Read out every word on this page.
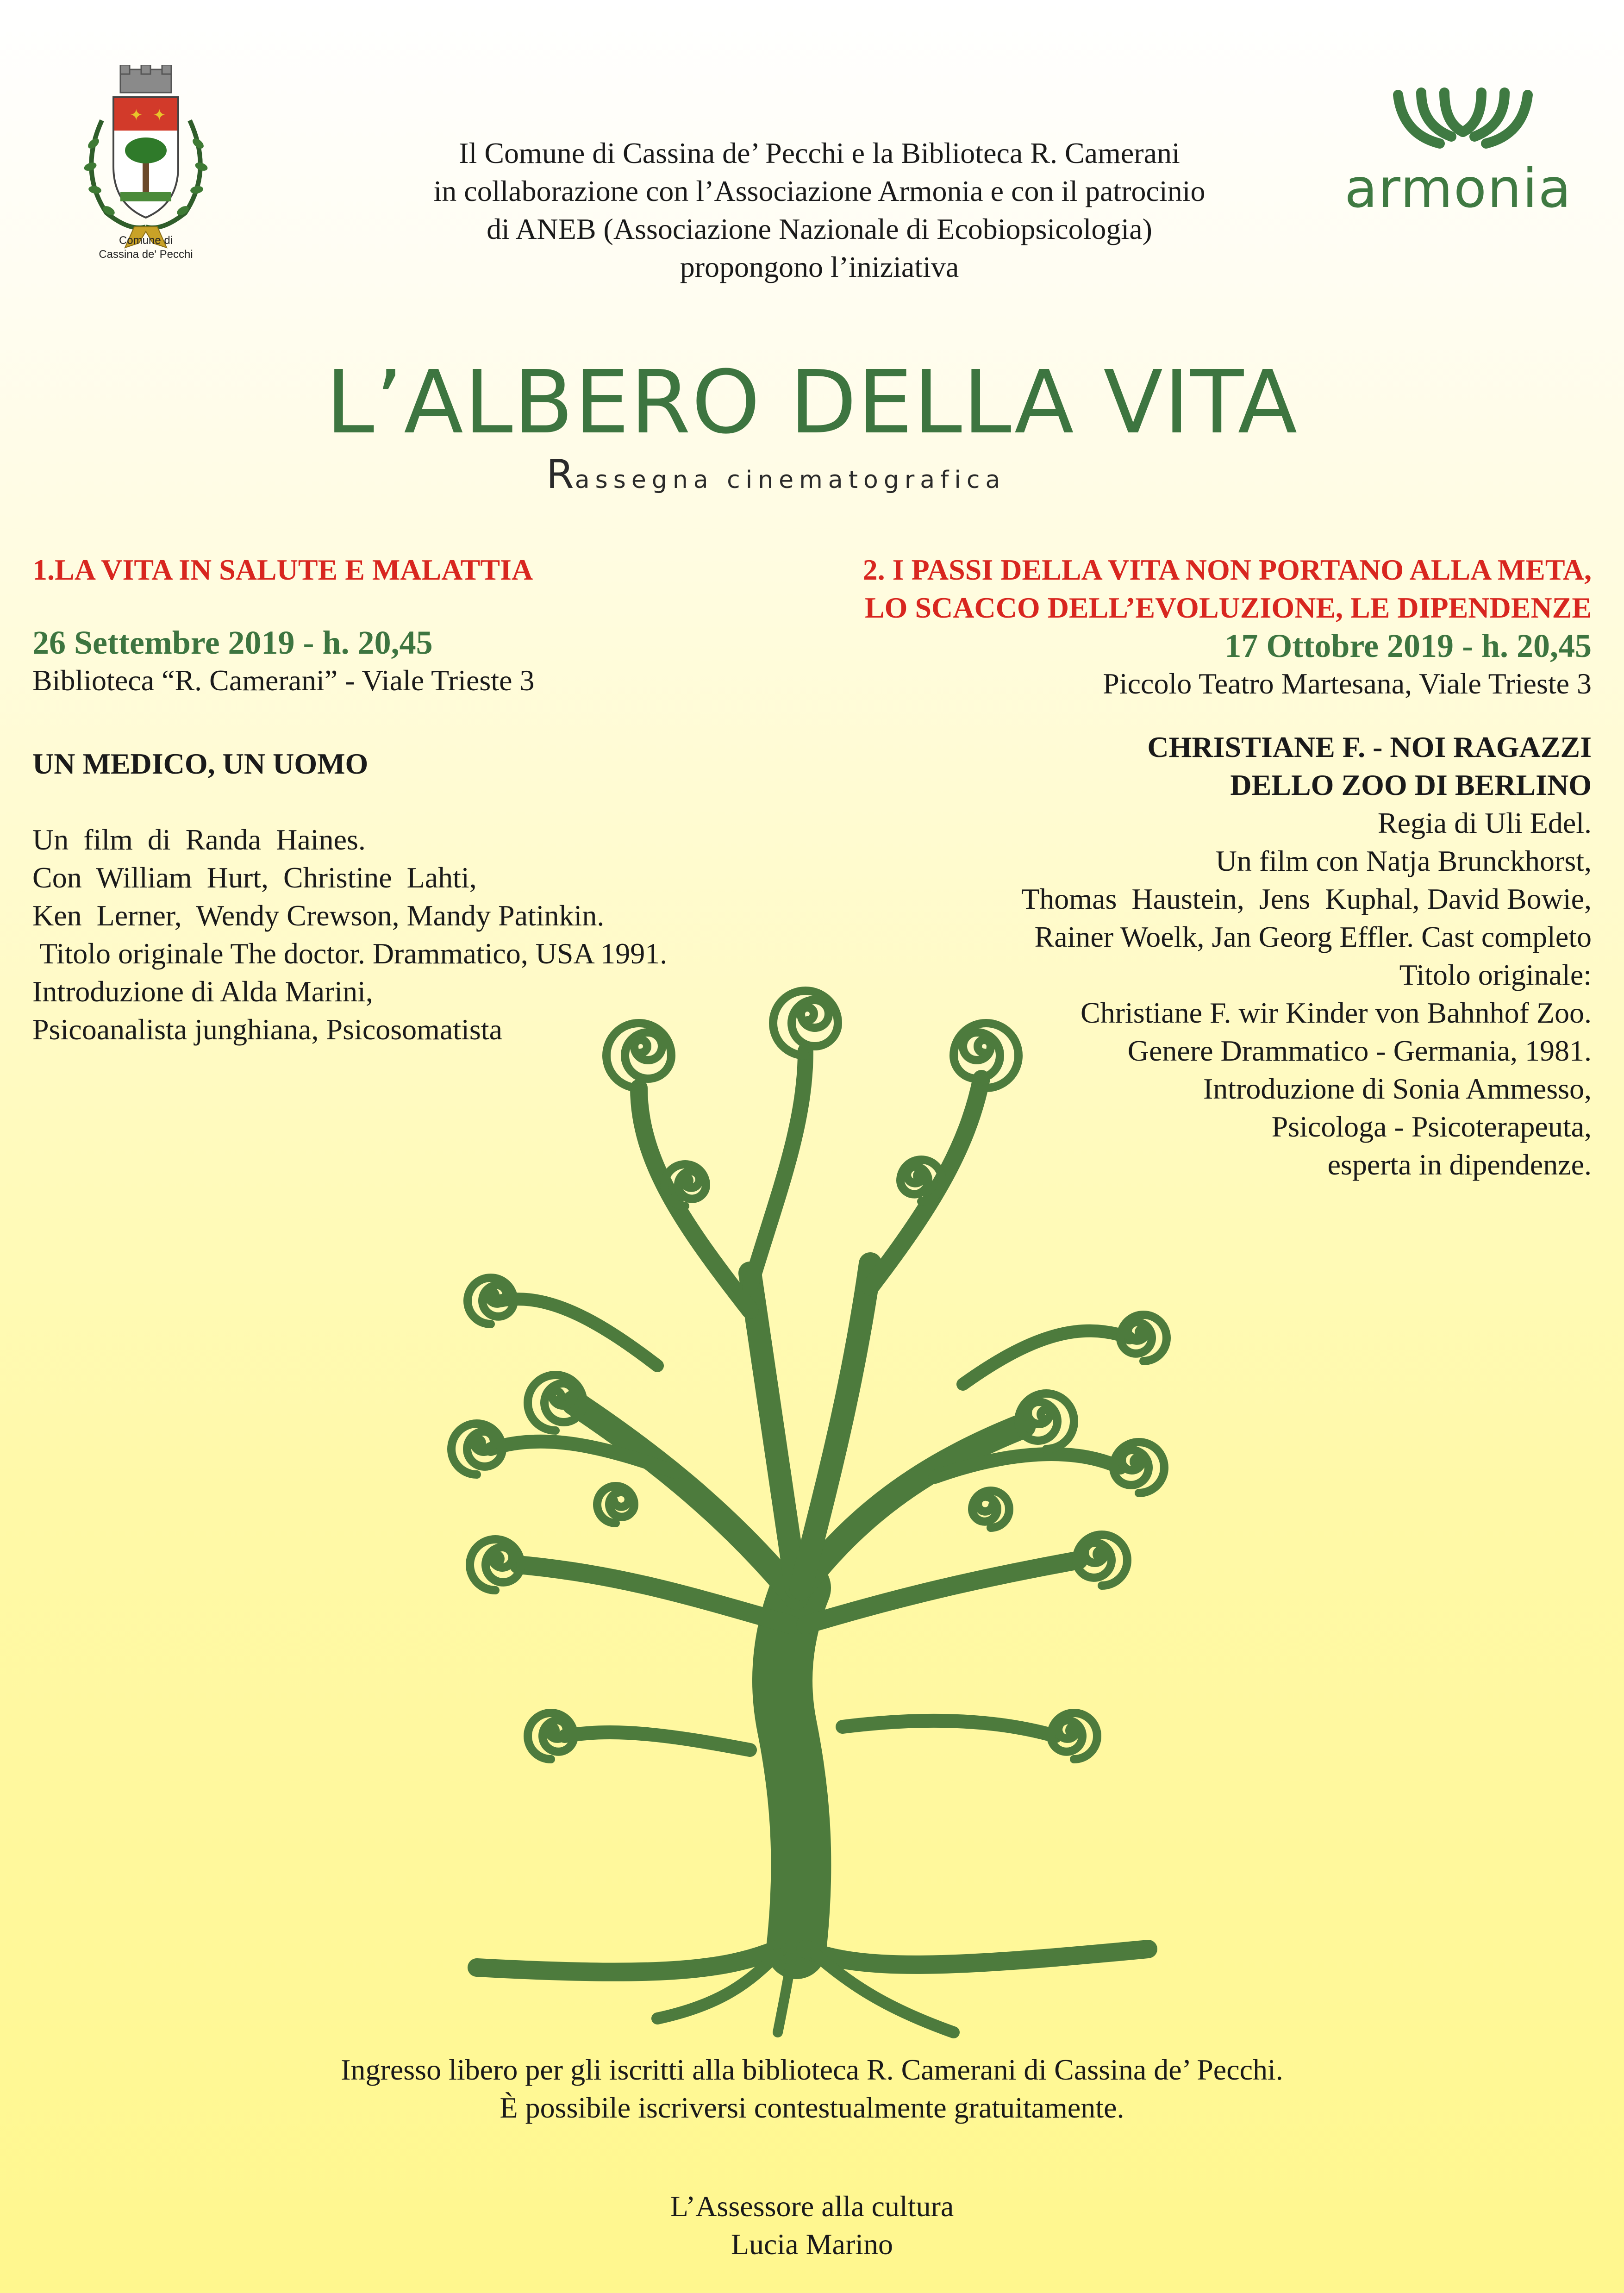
✦ ✦
Comune di
Cassina de' Pecchi
Il Comune di Cassina de’ Pecchi e la Biblioteca R. Camerani
in collaborazione con l’Associazione Armonia e con il patrocinio
di ANEB (Associazione Nazionale di Ecobiopsicologia)
propongono l’iniziativa
armonia
L’ALBERO DELLA VITA
Rassegna cinematografica
1.LA VITA IN SALUTE E MALATTIA
26 Settembre 2019 - h. 20,45
Biblioteca “R. Camerani” - Viale Trieste 3
UN MEDICO, UN UOMO
Un  film  di  Randa  Haines.
Con  William  Hurt,  Christine  Lahti,
Ken  Lerner,  Wendy Crewson, Mandy Patinkin.
Titolo originale The doctor. Drammatico, USA 1991.
Introduzione di Alda Marini,
Psicoanalista junghiana, Psicosomatista
2. I PASSI DELLA VITA NON PORTANO ALLA META,
LO SCACCO DELL’EVOLUZIONE, LE DIPENDENZE
17 Ottobre 2019 - h. 20,45
Piccolo Teatro Martesana, Viale Trieste 3
CHRISTIANE F. - NOI RAGAZZI
DELLO ZOO DI BERLINO
Regia di Uli Edel.
Un film con Natja Brunckhorst,
Thomas  Haustein,  Jens  Kuphal, David Bowie,
Rainer Woelk, Jan Georg Effler. Cast completo
Titolo originale:
Christiane F. wir Kinder von Bahnhof Zoo.
Genere Drammatico - Germania, 1981.
Introduzione di Sonia Ammesso,
Psicologa - Psicoterapeuta,
esperta in dipendenze.
Ingresso libero per gli iscritti alla biblioteca R. Camerani di Cassina de’ Pecchi.
È possibile iscriversi contestualmente gratuitamente.
L’Assessore alla cultura
Lucia Marino
